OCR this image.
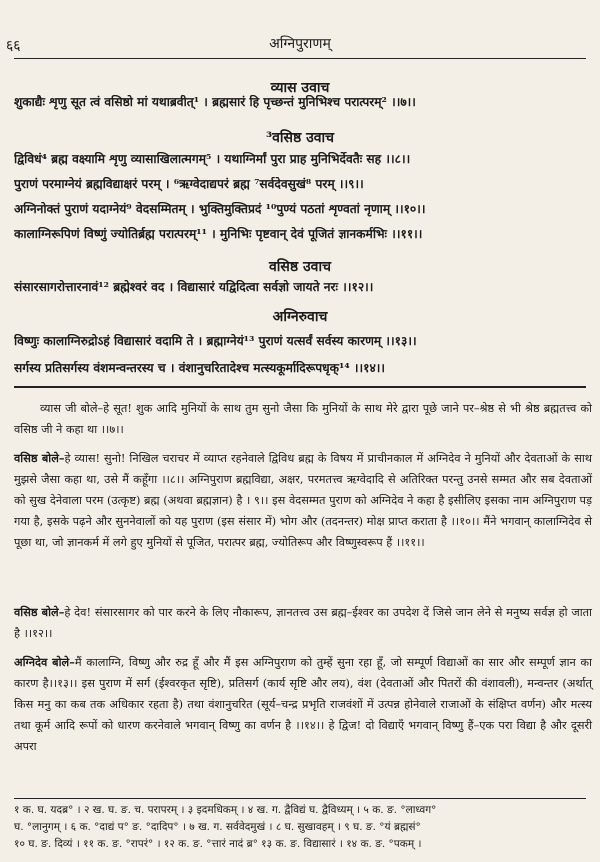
६६	अग्निपुराणम्
व्यास उवाच
शुकाद्यैः शृणु सूत त्वं वसिष्ठो मां यथाब्रवीत्¹ । ब्रह्मसारं हि पृच्छन्तं मुनिभिश्च परात्परम्² ।।७।।
³वसिष्ठ उवाच
द्विविधं⁴ ब्रह्म वक्ष्यामि शृणु व्यासाखिलात्मगम्⁵ । यथाग्निर्मां पुरा प्राह मुनिभिर्देवतैः सह ।।८।।
पुराणं परमाग्नेयं ब्रह्मविद्याक्षरं परम् । ⁶ऋग्वेदाद्यपरं ब्रह्म ⁷सर्वदेवसुखं⁸ परम् ।।९।।
अग्निनोक्तं पुराणं यदाग्नेयं⁹ वेदसम्मितम् । भुक्तिमुक्तिप्रदं ¹⁰पुण्यं पठतां शृण्वतां नृणाम् ।।१०।।
कालाग्निरूपिणं विष्णुं ज्योतिर्ब्रह्म परात्परम्¹¹ । मुनिभिः पृष्टवान् देवं पूजितं ज्ञानकर्मभिः ।।११।।
वसिष्ठ उवाच
संसारसागरोत्तारनावं¹² ब्रह्मेश्वरं वद । विद्यासारं यद्विदित्वा सर्वज्ञो जायते नरः ।।१२।।
अग्निरुवाच
विष्णुः कालाग्निरुद्रोऽहं विद्यासारं वदामि ते । ब्रह्माग्नेयं¹³ पुराणं यत्सर्वं सर्वस्य कारणम् ।।१३।।
सर्गस्य प्रतिसर्गस्य वंशमन्वन्तरस्य च । वंशानुचरितादेश्च मत्स्यकूर्मादिरूपधृक्¹⁴ ।।१४।।
व्यास जी बोले–हे सूत! शुक आदि मुनियों के साथ तुम सुनो जैसा कि मुनियों के साथ मेरे द्वारा पूछे जाने पर–श्रेष्ठ से भी श्रेष्ठ ब्रह्मतत्त्व को वसिष्ठ जी ने कहा था ।।७।।
वसिष्ठ बोले–हे व्यास! सुनो! निखिल चराचर में व्याप्त रहनेवाले द्विविध ब्रह्म के विषय में प्राचीनकाल में अग्निदेव ने मुनियों और देवताओं के साथ मुझसे जैसा कहा था, उसे मैं कहूँगा ।।८।। अग्निपुराण ब्रह्मविद्या, अक्षर, परमतत्त्व ऋग्वेदादि से अतिरिक्त परन्तु उनसे सम्मत और सब देवताओं को सुख देनेवाला परम (उत्कृष्ट) ब्रह्म (अथवा ब्रह्मज्ञान) है । ९।। इस वेदसम्मत पुराण को अग्निदेव ने कहा है इसीलिए इसका नाम अग्निपुराण पड़ गया है, इसके पढ़ने और सुननेवालों को यह पुराण (इस संसार में) भोग और (तदनन्तर) मोक्ष प्राप्त कराता है ।।१०।। मैंने भगवान् कालाग्निदेव से पूछा था, जो ज्ञानकर्म में लगे हुए मुनियों से पूजित, परात्पर ब्रह्म, ज्योतिरूप और विष्णुस्वरूप हैं ।।११।।
वसिष्ठ बोले–हे देव! संसारसागर को पार करने के लिए नौकारूप, ज्ञानतत्त्व उस ब्रह्म–ईश्वर का उपदेश दें जिसे जान लेने से मनुष्य सर्वज्ञ हो जाता है ।।१२।।
अग्निदेव बोले–मैं कालाग्नि, विष्णु और रुद्र हूँ और मैं इस अग्निपुराण को तुम्हें सुना रहा हूँ, जो सम्पूर्ण विद्याओं का सार और सम्पूर्ण ज्ञान का कारण है।।१३।। इस पुराण में सर्ग (ईश्वरकृत सृष्टि), प्रतिसर्ग (कार्य सृष्टि और लय), वंश (देवताओं और पितरों की वंशावली), मन्वन्तर (अर्थात् किस मनु का कब तक अधिकार रहता है) तथा वंशानुचरित (सूर्य–चन्द्र प्रभृति राजवंशों में उत्पन्न होनेवाले राजाओं के संक्षिप्त वर्णन) और मत्स्य तथा कूर्म आदि रूपों को धारण करनेवाले भगवान् विष्णु का वर्णन है ।।१४।। हे द्विज! दो विद्याएँ भगवान् विष्णु हैं–एक परा विद्या है और दूसरी अपरा
१ क. घ. यदब्र° । २ ख. घ. ङ. च. परापरम् । ३ इदमधिकम् । ४ ख. ग. द्वैविद्यं घ. द्वैविध्यम् । ५ क. ङ. °लाध्वग°
घ. °लानुगम् । ६ क. °दाद्यं प° ङ. °दादिप° । ७ ख. ग. सर्ववेदमुखं । ८ घ. सुखावहम् । ९ घ. ङ. °यं ब्रह्मसं°
१० घ. ङ. दिव्यं । ११ क. ङ. °रापरं° । १२ क. ङ. °त्तारं नादं ब्र° १३ क. ङ. विद्यासारं । १४ क. ङ. °पकम् ।
